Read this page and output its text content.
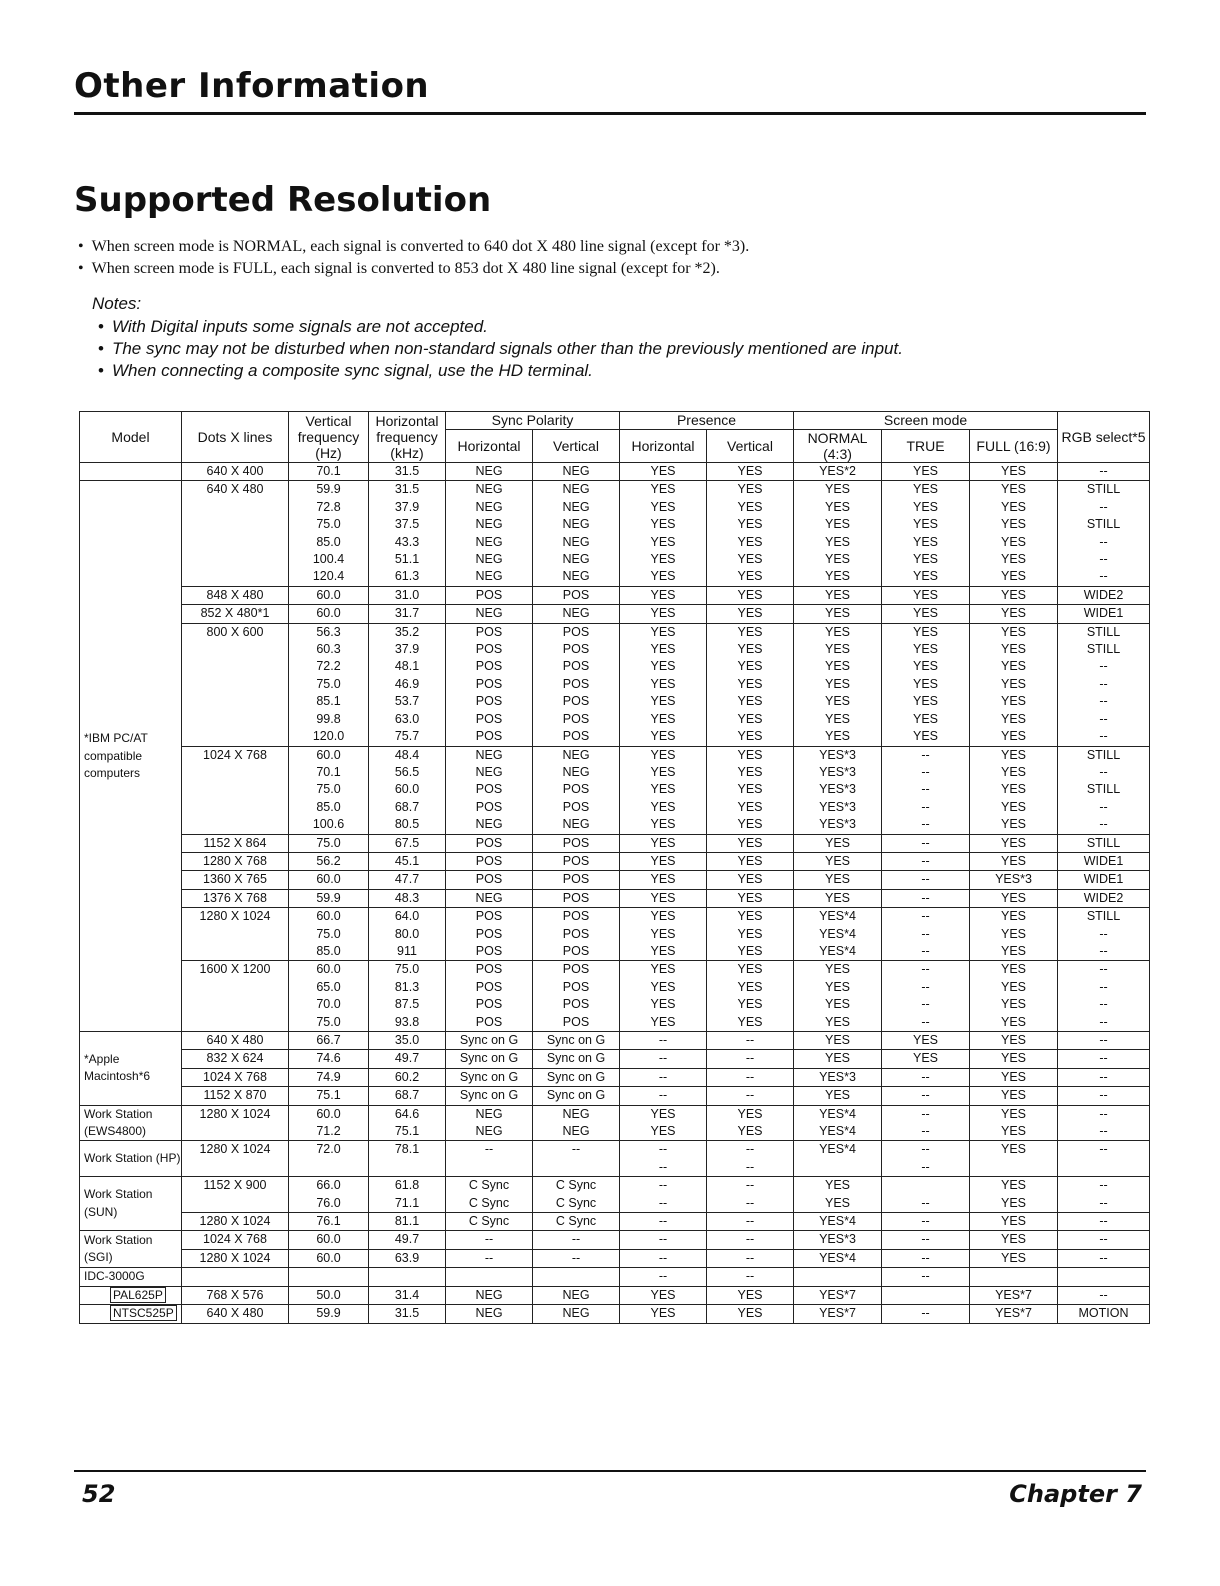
Other Information
Supported Resolution
• When screen mode is NORMAL, each signal is converted to 640 dot X 480 line signal (except for *3).
• When screen mode is FULL, each signal is converted to 853 dot X 480 line signal (except for *2).
Notes:
• With Digital inputs some signals are not accepted.
• The sync may not be disturbed when non-standard signals other than the previously mentioned are input.
• When connecting a composite sync signal, use the HD terminal.
Model	Dots X lines	Vertical frequency (Hz)	Horizontal frequency (kHz)	Sync Polarity		Presence		Screen mode			RGB select*5
				Horizontal	Vertical	Horizontal	Vertical	NORMAL (4:3)	TRUE	FULL (16:9)	
	640 X 400	70.1	31.5	NEG	NEG	YES	YES	YES*2	YES	YES	--
*IBM PC/AT compatible computers	640 X 480	59.9	31.5	NEG	NEG	YES	YES	YES	YES	YES	STILL
		72.8	37.9	NEG	NEG	YES	YES	YES	YES	YES	--
		75.0	37.5	NEG	NEG	YES	YES	YES	YES	YES	STILL
		85.0	43.3	NEG	NEG	YES	YES	YES	YES	YES	--
		100.4	51.1	NEG	NEG	YES	YES	YES	YES	YES	--
		120.4	61.3	NEG	NEG	YES	YES	YES	YES	YES	--
	848 X 480	60.0	31.0	POS	POS	YES	YES	YES	YES	YES	WIDE2
	852 X 480*1	60.0	31.7	NEG	NEG	YES	YES	YES	YES	YES	WIDE1
	800 X 600	56.3	35.2	POS	POS	YES	YES	YES	YES	YES	STILL
		60.3	37.9	POS	POS	YES	YES	YES	YES	YES	STILL
		72.2	48.1	POS	POS	YES	YES	YES	YES	YES	--
		75.0	46.9	POS	POS	YES	YES	YES	YES	YES	--
		85.1	53.7	POS	POS	YES	YES	YES	YES	YES	--
		99.8	63.0	POS	POS	YES	YES	YES	YES	YES	--
		120.0	75.7	POS	POS	YES	YES	YES	YES	YES	--
	1024 X 768	60.0	48.4	NEG	NEG	YES	YES	YES*3	--	YES	STILL
		70.1	56.5	NEG	NEG	YES	YES	YES*3	--	YES	--
		75.0	60.0	POS	POS	YES	YES	YES*3	--	YES	STILL
		85.0	68.7	POS	POS	YES	YES	YES*3	--	YES	--
		100.6	80.5	NEG	NEG	YES	YES	YES*3	--	YES	--
	1152 X 864	75.0	67.5	POS	POS	YES	YES	YES	--	YES	STILL
	1280 X 768	56.2	45.1	POS	POS	YES	YES	YES	--	YES	WIDE1
	1360 X 765	60.0	47.7	POS	POS	YES	YES	YES	--	YES*3	WIDE1
	1376 X 768	59.9	48.3	NEG	POS	YES	YES	YES	--	YES	WIDE2
	1280 X 1024	60.0	64.0	POS	POS	YES	YES	YES*4	--	YES	STILL
		75.0	80.0	POS	POS	YES	YES	YES*4	--	YES	--
		85.0	911	POS	POS	YES	YES	YES*4	--	YES	--
	1600 X 1200	60.0	75.0	POS	POS	YES	YES	YES	--	YES	--
		65.0	81.3	POS	POS	YES	YES	YES	--	YES	--
		70.0	87.5	POS	POS	YES	YES	YES	--	YES	--
		75.0	93.8	POS	POS	YES	YES	YES	--	YES	--
*Apple Macintosh*6	640 X 480	66.7	35.0	Sync on G	Sync on G	--	--	YES	YES	YES	--
	832 X 624	74.6	49.7	Sync on G	Sync on G	--	--	YES	YES	YES	--
	1024 X 768	74.9	60.2	Sync on G	Sync on G	--	--	YES*3	--	YES	--
	1152 X 870	75.1	68.7	Sync on G	Sync on G	--	--	YES	--	YES	--
Work Station (EWS4800)	1280 X 1024	60.0	64.6	NEG	NEG	YES	YES	YES*4	--	YES	--
		71.2	75.1	NEG	NEG	YES	YES	YES*4	--	YES	--
Work Station (HP)	1280 X 1024	72.0	78.1	--	--	--	--	YES*4	--	YES	--
						--	--		--		
Work Station (SUN)	1152 X 900	66.0	61.8	C Sync	C Sync	--	--	YES		YES	--
		76.0	71.1	C Sync	C Sync	--	--	YES	--	YES	--
	1280 X 1024	76.1	81.1	C Sync	C Sync	--	--	YES*4	--	YES	--
Work Station (SGI)	1024 X 768	60.0	49.7	--	--	--	--	YES*3	--	YES	--
	1280 X 1024	60.0	63.9	--	--	--	--	YES*4	--	YES	--
IDC-3000G						--	--		--		
PAL625P	768 X 576	50.0	31.4	NEG	NEG	YES	YES	YES*7		YES*7	--
NTSC525P	640 X 480	59.9	31.5	NEG	NEG	YES	YES	YES*7	--	YES*7	MOTION
52	Chapter 7
